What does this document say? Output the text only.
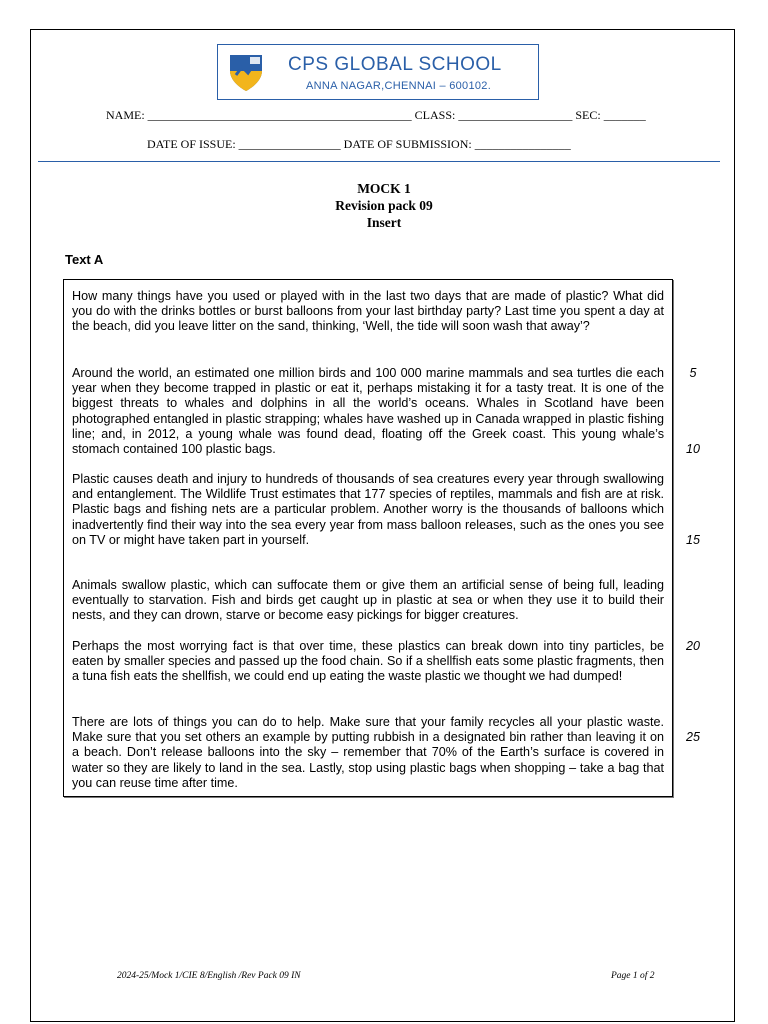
CPS GLOBAL SCHOOL
ANNA NAGAR,CHENNAI – 600102.
NAME: ____________________________________________ CLASS: ___________________ SEC: _______
DATE OF ISSUE: _________________ DATE OF SUBMISSION: ________________
MOCK 1
Revision pack 09
Insert
Text A
How many things have you used or played with in the last two days that are made of plastic? What did you do with the drinks bottles or burst balloons from your last birthday party? Last time you spent a day at the beach, did you leave litter on the sand, thinking, ‘Well, the tide will soon wash that away’?
Around the world, an estimated one million birds and 100 000 marine mammals and sea turtles die each year when they become trapped in plastic or eat it, perhaps mistaking it for a tasty treat. It is one of the biggest threats to whales and dolphins in all the world’s oceans. Whales in Scotland have been photographed entangled in plastic strapping; whales have washed up in Canada wrapped in plastic fishing line; and, in 2012, a young whale was found dead, floating off the Greek coast. This young whale’s stomach contained 100 plastic bags.
Plastic causes death and injury to hundreds of thousands of sea creatures every year through swallowing and entanglement. The Wildlife Trust estimates that 177 species of reptiles, mammals and fish are at risk. Plastic bags and fishing nets are a particular problem. Another worry is the thousands of balloons which inadvertently find their way into the sea every year from mass balloon releases, such as the ones you see on TV or might have taken part in yourself.
Animals swallow plastic, which can suffocate them or give them an artificial sense of being full, leading eventually to starvation. Fish and birds get caught up in plastic at sea or when they use it to build their nests, and they can drown, starve or become easy pickings for bigger creatures.
Perhaps the most worrying fact is that over time, these plastics can break down into tiny particles, be eaten by smaller species and passed up the food chain. So if a shellfish eats some plastic fragments, then a tuna fish eats the shellfish, we could end up eating the waste plastic we thought we had dumped!
There are lots of things you can do to help. Make sure that your family recycles all your plastic waste. Make sure that you set others an example by putting rubbish in a designated bin rather than leaving it on a beach. Don’t release balloons into the sky – remember that 70% of the Earth’s surface is covered in water so they are likely to land in the sea. Lastly, stop using plastic bags when shopping – take a bag that you can reuse time after time.
5
10
15
20
25
2024-25/Mock 1/CIE 8/English /Rev Pack 09 IN	Page 1 of 2
